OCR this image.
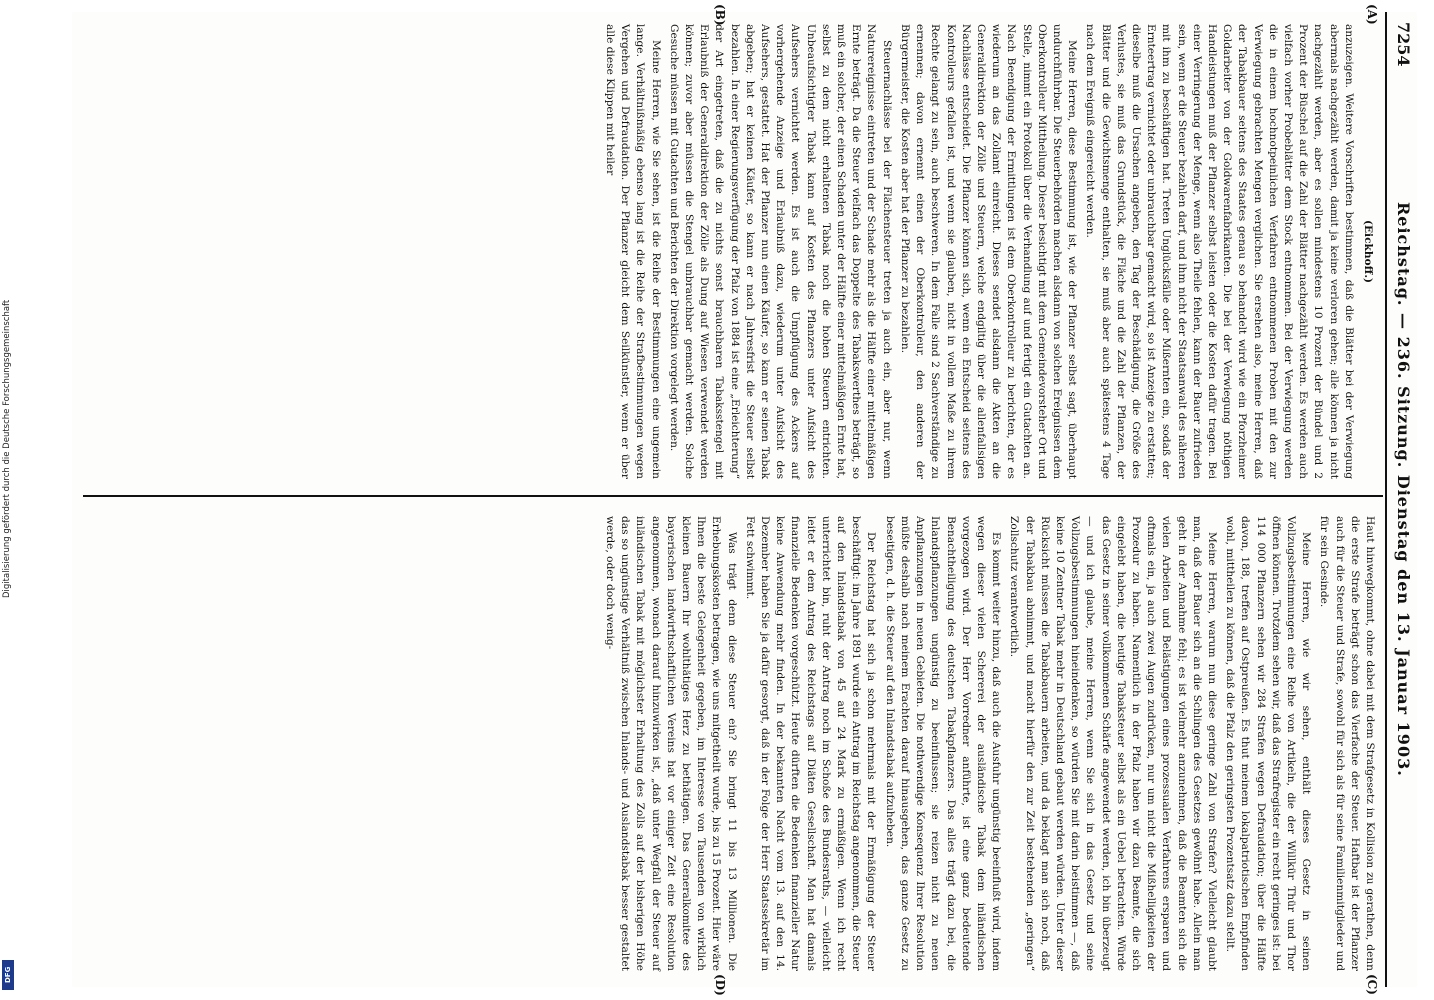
7254
Reichstag. — 236. Sitzung. Dienstag den 13. Januar 1903.
(A)
(B)
(C)
(D)

(Eickhoff.)

anzuzeigen. Weitere Vorschriften bestimmen, daß die Blätter bei der Verwiegung abermals nachgezählt werden, damit ja keine verloren gehen; alle können ja nicht nachgezählt werden, aber es sollen mindestens 10 Prozent der Bündel und 2 Prozent der Büschel auf die Zahl der Blätter nachgezählt werden. Es werden auch vielfach vorher Probeblätter dem Stock entnommen. Bei der Verwiegung werden die in einem hochnotpeinlichen Verfahren entnommenen Proben mit den zur Verwiegung gebrachten Mengen verglichen. Sie ersehen also, meine Herren, daß der Tabakbauer seitens des Staates genau so behandelt wird wie ein Pforzheimer Goldarbeiter von der Goldwarenfabrikanten. Die bei der Verwiegung nöthigen Handleistungen muß der Pflanzer selbst leisten oder die Kosten dafür tragen. Bei einer Verringerung der Menge, wenn also Theile fehlen, kann der Bauer zufrieden sein, wenn er die Steuer bezahlen darf, und ihm nicht der Staatsanwalt des näheren mit ihm zu beschäftigen hat. Treten Unglücksfälle oder Mißernten ein, sodaß der Ernteertrag vernichtet oder unbrauchbar gemacht wird, so ist Anzeige zu erstatten; dieselbe muß die Ursachen angeben, den Tag der Beschädigung, die Größe des Verlustes, sie muß das Grundstück, die Fläche und die Zahl der Pflanzen, der Blätter und die Gewichtsmenge enthalten, sie muß aber auch spätestens 4 Tage nach dem Ereigniß eingereicht werden.

Meine Herren, diese Bestimmung ist, wie der Pflanzer selbst sagt, überhaupt undurchführbar. Die Steuerbehörden machen alsdann von solchen Ereignissen dem Oberkontrolleur Mittheilung. Dieser besichtigt mit dem Gemeindevorsteher Ort und Stelle, nimmt ein Protokoll über die Verhandlung auf und fertigt ein Gutachten an. Nach Beendigung der Ermittlungen ist dem Oberkontrolleur zu berichten, der es wiederum an das Zollamt einreicht. Dieses sendet alsdann die Akten an die Generaldirektion der Zölle und Steuern, welche endgiltig über die allenfallsigen Nachlässe entscheidet. Die Pflanzer können sich, wenn ein Entscheid seitens des Kontrolleurs gefallen ist, und wenn sie glauben, nicht in vollem Maße zu ihrem Rechte gelangt zu sein, auch beschweren. In dem Falle sind 2 Sachverständige zu ernennen; davon ernennt einen der Oberkontrolleur, den anderen der Bürgermeister, die Kosten aber hat der Pflanzer zu bezahlen.

Steuernachlässe bei der Flächensteuer treten ja auch ein, aber nur, wenn Naturereignisse eintreten und der Schade mehr als die Hälfte einer mittelmäßigen Ernte beträgt. Da die Steuer vielfach das Doppelte des Tabakswerthes beträgt, so muß ein solcher, der einen Schaden unter der Hälfte einer mittelmäßigen Ernte hat, selbst zu dem nicht erhaltenen Tabak noch die hohen Steuern entrichten. Unbeaufsichtigter Tabak kann auf Kosten des Pflanzers unter Aufsicht des Aufsehers vernichtet werden. Es ist auch die Umpflügung des Ackers auf vorhergehende Anzeige und Erlaubniß dazu, wiederum unter Aufsicht des Aufsehers, gestattet. Hat der Pflanzer nun einen Käufer, so kann er seinen Tabak abgeben; hat er keinen Käufer, so kann er nach Jahresfrist die Steuer selbst bezahlen. In einer Regierungsverfügung der Pfalz von 1884 ist eine „Erleichterung“ der Art eingetreten, daß die zu nichts sonst brauchbaren Tabaksstengel mit Erlaubniß der Generaldirektion der Zölle als Dung auf Wiesen verwendet werden können; zuvor aber müssen die Stengel unbrauchbar gemacht werden. Solche Gesuche müssen mit Gutachten und Berichten der Direktion vorgelegt werden.

Meine Herren, wie Sie sehen, ist die Reihe der Bestimmungen eine ungemein lange. Verhältnißmäßig ebenso lang ist die Reihe der Strafbestimmungen wegen Vergehen und Defraudation. Der Pflanzer gleicht dem Seilkünstler, wenn er über alle diese Klippen mit heiler

Haut hinwegkommt, ohne dabei mit dem Strafgesetz in Kollision zu gerathen, denn die erste Strafe beträgt schon das Vierfache der Steuer. Haftbar ist der Pflanzer auch für die Steuer und Strafe, sowohl für sich als für seine Familienmitglieder und für sein Gesinde.

Meine Herren, wie wir sehen, enthält dieses Gesetz in seinen Vollzugsbestimmungen eine Reihe von Artikeln, die der Willkür Thür und Thor öffnen können. Trotzdem sehen wir, daß das Strafregister ein recht geringes ist: bei 114 000 Pflanzern sehen wir 284 Strafen wegen Defraudation; über die Hälfte davon, 188, treffen auf Ostpreußen. Es thut meinem lokalpatriotischen Empfinden wohl, mittheilen zu können, daß die Pfalz den geringsten Prozentsatz dazu stellt.

Meine Herren, warum nun diese geringe Zahl von Strafen? Vielleicht glaubt man, daß der Bauer sich an die Schlingen des Gesetzes gewöhnt habe. Allein man geht in der Annahme fehl; es ist vielmehr anzunehmen, daß die Beamten sich die vielen Arbeiten und Belästigungen eines prozessualen Verfahrens ersparen und oftmals ein, ja auch zwei Augen zudrücken, nur um nicht die Mißhelligkeiten der Prozedur zu haben. Namentlich in der Pfalz haben wir dazu Beamte, die sich eingelebt haben, die heutige Tabaksteuer selbst als ein Uebel betrachten. Würde das Gesetz in seiner vollkommenen Schärfe angewendet werden, ich bin überzeugt — und ich glaube, meine Herren, wenn Sie sich in das Gesetz und seine Vollzugsbestimmungen hineindenken, so würden Sie mit darin beistimmen —, daß keine 10 Zentner Tabak mehr in Deutschland gebaut werden würden. Unter dieser Rücksicht müssen die Tabakbauern arbeiten, und da beklagt man sich noch, daß der Tabakbau abnimmt, und macht hierfür den zur Zeit bestehenden „geringen“ Zollschutz verantwortlich.

Es kommt weiter hinzu, daß auch die Ausfuhr ungünstig beeinflußt wird, indem wegen dieser vielen Schererei der ausländische Tabak dem inländischen vorgezogen wird. Der Herr Vorredner anführte, ist eine ganz bedeutende Benachtheiligung des deutschen Tabakpflanzers. Das alles trägt dazu bei, die Inlandspflanzungen ungünstig zu beeinflussen; sie reizen nicht zu neuen Anpflanzungen in neuen Gebieten. Die nothwendige Konsequenz Ihrer Resolution müßte deshalb nach meinem Erachten darauf hinausgehen, das ganze Gesetz zu beseitigen, d. h. die Steuer auf den Inlandstabak aufzuheben.

Der Reichstag hat sich ja schon mehrmals mit der Ermäßigung der Steuer beschäftigt: im Jahre 1891 wurde ein Antrag im Reichstag angenommen, die Steuer auf den Inlandstabak von 45 auf 24 Mark zu ermäßigen. Wenn ich recht unterrichtet bin, ruht der Antrag noch im Schoße des Bundesraths, — vielleicht leitet er dem Antrag des Reichstags auf Diäten Gesellschaft. Man hat damals finanzielle Bedenken vorgeschützt. Heute dürften die Bedenken finanzieller Natur keine Anwendung mehr finden. In der bekannten Nacht vom 13. auf den 14. Dezember haben Sie ja dafür gesorgt, daß in der Folge der Herr Staatssekretär im Fett schwimmt.

Was trägt denn diese Steuer ein? Sie bringt 11 bis 13 Millionen. Die Erhebungskosten betragen, wie uns mitgetheilt wurde, bis zu 15 Prozent. Hier wäre Ihnen die beste Gelegenheit gegeben, im Interesse von Tausenden von wirklich kleinen Bauern Ihr wohlthätiges Herz zu bethätigen. Das Generalkomitee des bayerischen landwirthschaftlichen Vereins hat vor einiger Zeit eine Resolution angenommen, wonach darauf hinzuwirken ist, „daß unter Wegfall der Steuer auf inländischen Tabak mit möglichster Erhaltung des Zolls auf der bisherigen Höhe das so ungünstige Verhältniß zwischen Inlands- und Auslandstabak besser gestaltet werde, oder doch wenig-

Digitalisierung gefördert durch die Deutsche Forschungsgemeinschaft
DFG
